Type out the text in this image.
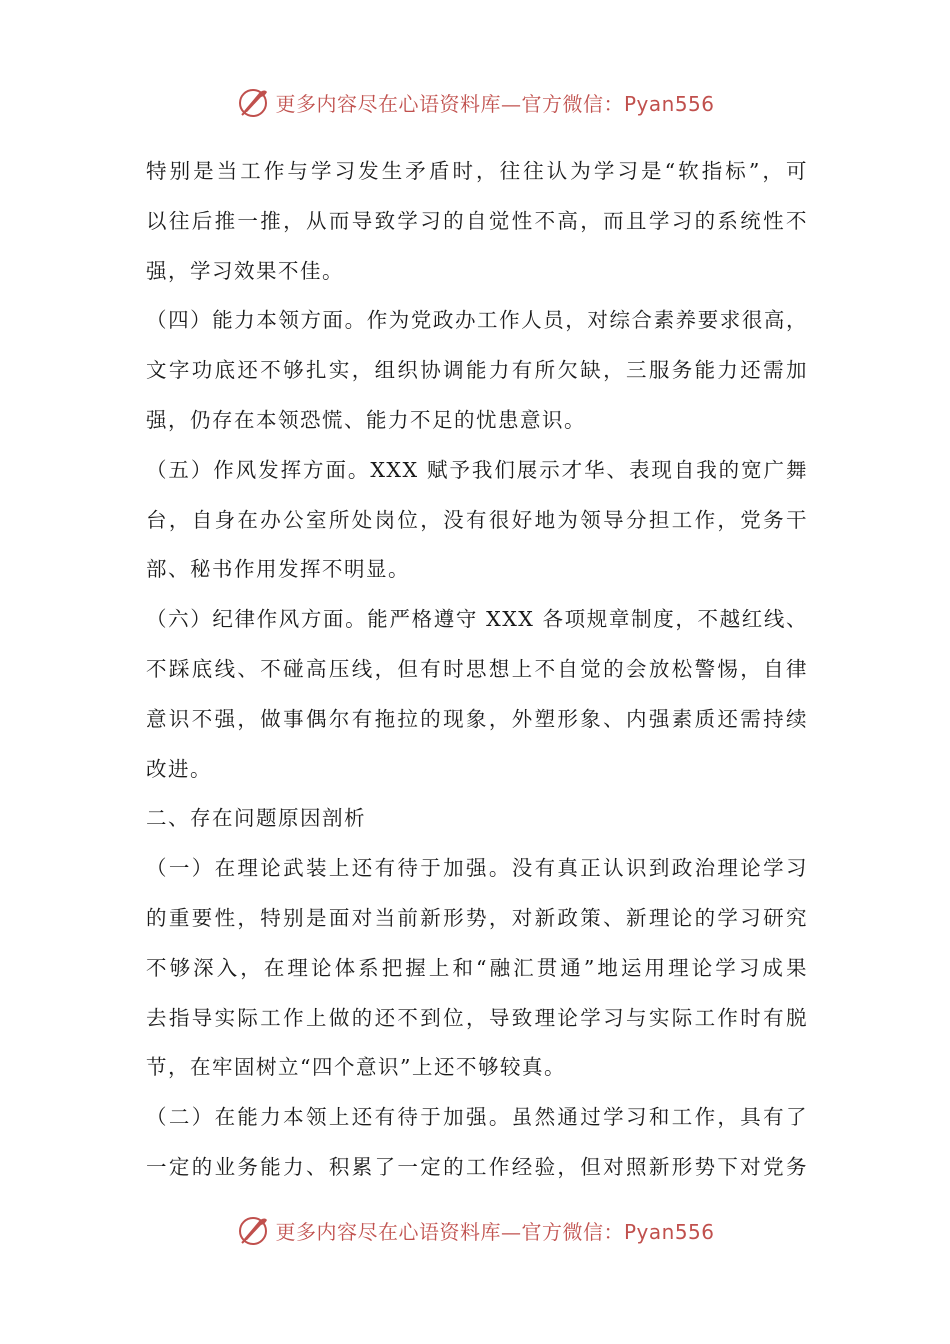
更多内容尽在心语资料库—官方微信：Pyan556
特别是当工作与学习发生矛盾时，往往认为学习是“软指标”，可
以往后推一推，从而导致学习的自觉性不高，而且学习的系统性不
强，学习效果不佳。
（四）能力本领方面。作为党政办工作人员，对综合素养要求很高，
文字功底还不够扎实，组织协调能力有所欠缺，三服务能力还需加
强，仍存在本领恐慌、能力不足的忧患意识。
（五）作风发挥方面。XXX 赋予我们展示才华、表现自我的宽广舞
台，自身在办公室所处岗位，没有很好地为领导分担工作，党务干
部、秘书作用发挥不明显。
（六）纪律作风方面。能严格遵守 XXX 各项规章制度，不越红线、
不踩底线、不碰高压线，但有时思想上不自觉的会放松警惕，自律
意识不强，做事偶尔有拖拉的现象，外塑形象、内强素质还需持续
改进。
二、存在问题原因剖析
（一）在理论武装上还有待于加强。没有真正认识到政治理论学习
的重要性，特别是面对当前新形势，对新政策、新理论的学习研究
不够深入，在理论体系把握上和“融汇贯通”地运用理论学习成果
去指导实际工作上做的还不到位，导致理论学习与实际工作时有脱
节，在牢固树立“四个意识”上还不够较真。
（二）在能力本领上还有待于加强。虽然通过学习和工作，具有了
一定的业务能力、积累了一定的工作经验，但对照新形势下对党务
更多内容尽在心语资料库—官方微信：Pyan556
